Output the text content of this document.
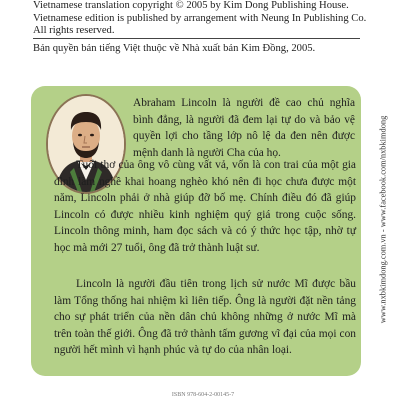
Vietnamese translation copyright © 2005 by Kim Dong Publishing House.
Vietnamese edition is published by arrangement with Neung In Publishing Co.
All rights reserved.
Bản quyền bản tiếng Việt thuộc về Nhà xuất bản Kim Đồng, 2005.
Abraham Lincoln là người đề cao chủ nghĩa bình đẳng, là người đã đem lại tự do và bảo vệ quyền lợi cho tầng lớp nô lệ da đen nên được mệnh danh là người Cha của họ.
Tuổi thơ của ông vô cùng vất vả, vốn là con trai của một gia đình làm nghề khai hoang nghèo khó nên đi học chưa được một năm, Lincoln phải ở nhà giúp đỡ bố mẹ. Chính điều đó đã giúp Lincoln có được nhiều kinh nghiệm quý giá trong cuộc sống. Lincoln thông minh, ham đọc sách và có ý thức học tập, nhờ tự học mà mới 27 tuổi, ông đã trở thành luật sư.
Lincoln là người đầu tiên trong lịch sử nước Mĩ được bầu làm Tổng thống hai nhiệm kì liên tiếp. Ông là người đặt nền tảng cho sự phát triển của nền dân chủ không những ở nước Mĩ mà trên toàn thế giới. Ông đã trở thành tấm gương vĩ đại của mọi con người hết mình vì hạnh phúc và tự do của nhân loại.
www.nxbkimdong.com.vn - www.facebook.com/nxbkimdong
ISBN 978-604-2-00145-7
